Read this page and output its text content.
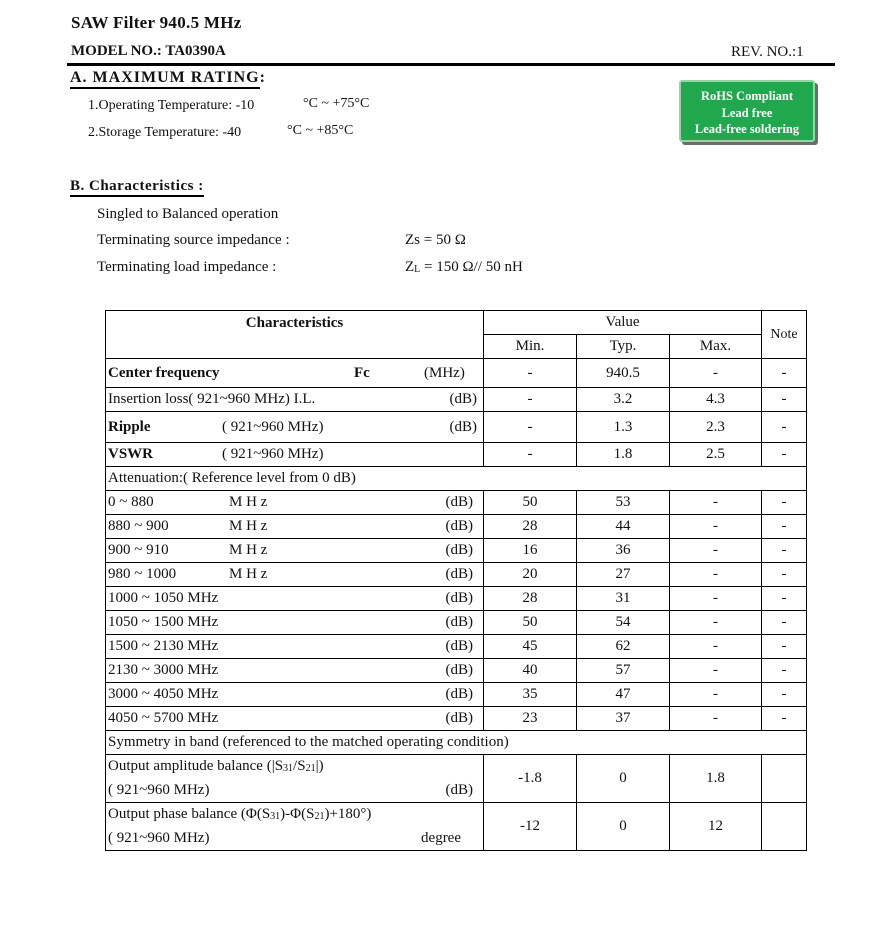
SAW Filter 940.5 MHz
MODEL NO.: TA0390A	REV. NO.:1
A. MAXIMUM RATING:
1.Operating Temperature: -10	°C ~ +75°C
2.Storage Temperature: -40	°C ~ +85°C
RoHS Compliant
Lead free
Lead-free soldering
B. Characteristics :
Singled to Balanced operation
Terminating source impedance :	Zs = 50 Ω
Terminating load impedance :	$Z_L = 150$ Ω// 50 nH
Characteristics	Value			Note
	Min.	Typ.	Max.	
Center frequency Fc (MHz)	-	940.5	-	-

Insertion loss( 921~960 MHz) I.L. (dB)	-	3.2	4.3	-

Ripple ( 921~960 MHz) (dB)	-	1.3	2.3	-
VSWR ( 921~960 MHz)	-	1.8	2.5	-
Attenuation:( Reference level from 0 dB)				

0 ~ 880 M H z (dB)	50	53	-	-

880 ~ 900 M H z (dB)	28	44	-	-

900 ~ 910 M H z (dB)	16	36	-	-

980 ~ 1000 M H z (dB)	20	27	-	-

1000 ~ 1050 MHz (dB)	28	31	-	-

1050 ~ 1500 MHz (dB)	50	54	-	-

1500 ~ 2130 MHz (dB)	45	62	-	-

2130 ~ 3000 MHz (dB)	40	57	-	-

3000 ~ 4050 MHz (dB)	35	47	-	-

4050 ~ 5700 MHz (dB)	23	37	-	-
Symmetry in band (referenced to the matched operating condition)				

Output amplitude balance $(|S_{31}/S_{21}|)$
( 921~960 MHz) (dB)	-1.8	0	1.8	

Output phase balance $(\Phi(S_{31})-\Phi(S_{21})+180^\circ)$
( 921~960 MHz) degree	-12	0	12	
